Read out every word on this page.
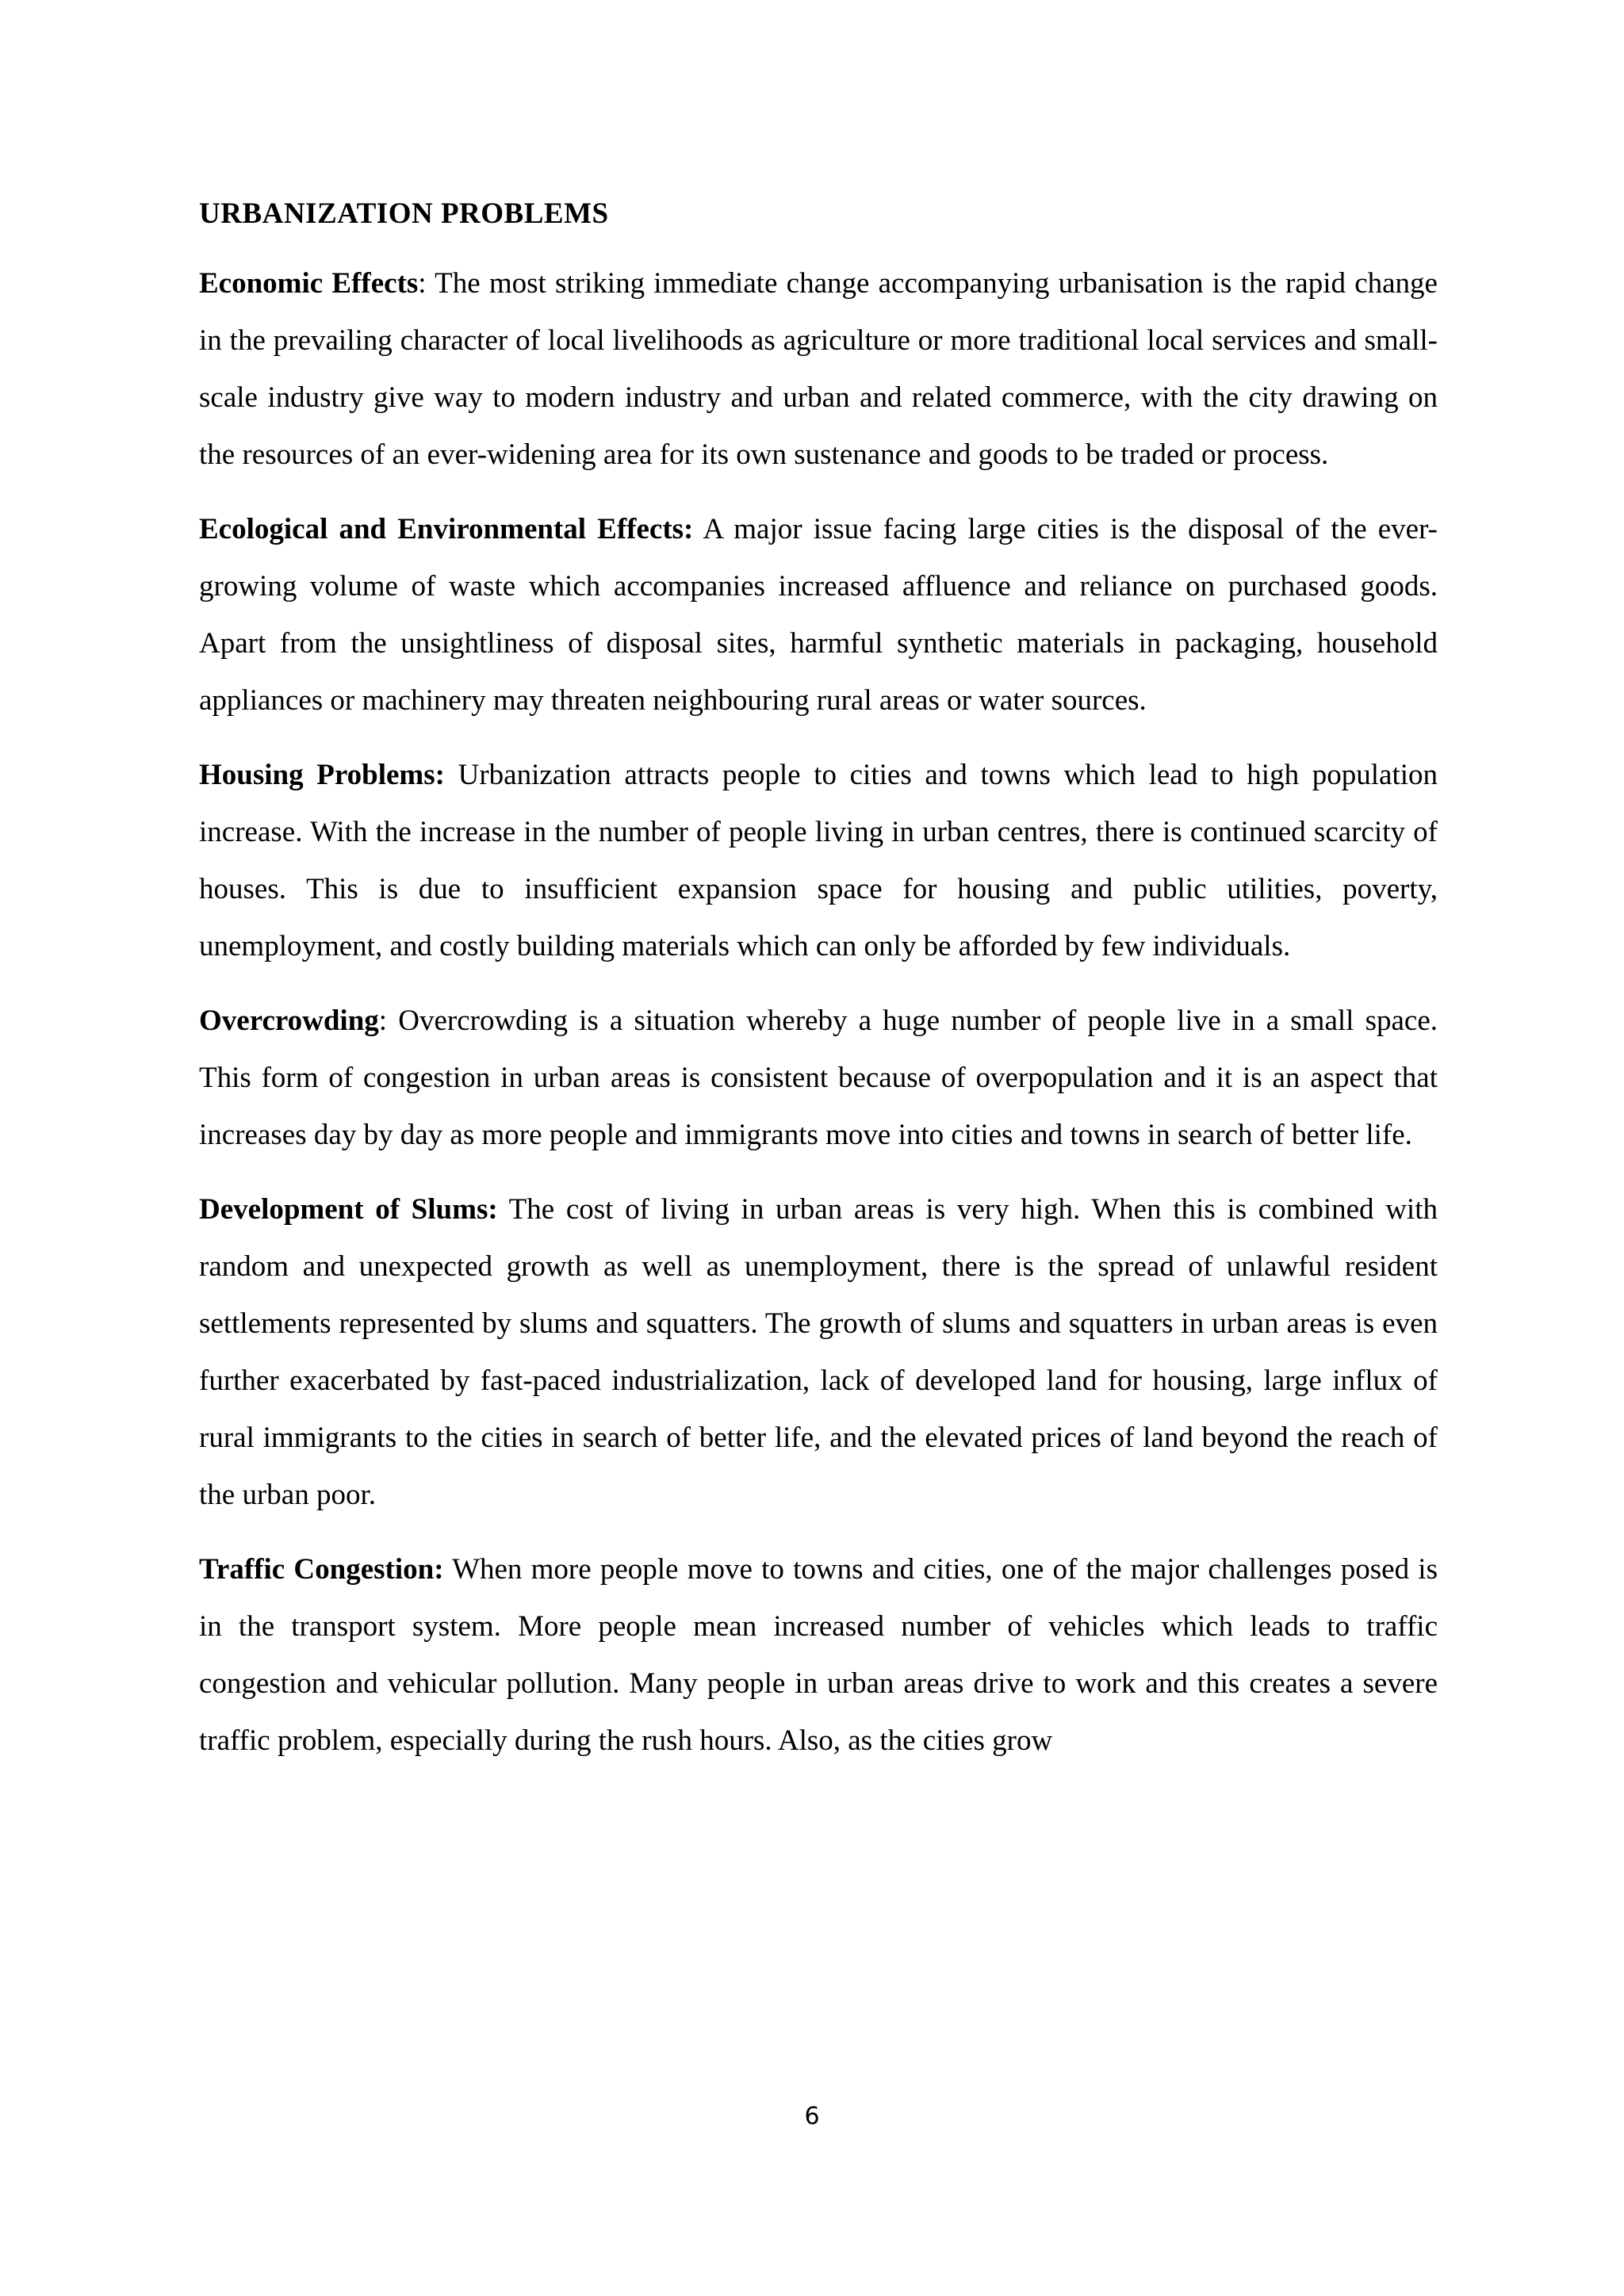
URBANIZATION PROBLEMS

Economic Effects: The most striking immediate change accompanying urbanisation is the rapid change in the prevailing character of local livelihoods as agriculture or more traditional local services and small-scale industry give way to modern industry and urban and related commerce, with the city drawing on the resources of an ever-widening area for its own sustenance and goods to be traded or process.

Ecological and Environmental Effects: A major issue facing large cities is the disposal of the ever-growing volume of waste which accompanies increased affluence and reliance on purchased goods. Apart from the unsightliness of disposal sites, harmful synthetic materials in packaging, household appliances or machinery may threaten neighbouring rural areas or water sources.

Housing Problems: Urbanization attracts people to cities and towns which lead to high population increase. With the increase in the number of people living in urban centres, there is continued scarcity of houses. This is due to insufficient expansion space for housing and public utilities, poverty, unemployment, and costly building materials which can only be afforded by few individuals.

Overcrowding: Overcrowding is a situation whereby a huge number of people live in a small space. This form of congestion in urban areas is consistent because of overpopulation and it is an aspect that increases day by day as more people and immigrants move into cities and towns in search of better life.

Development of Slums: The cost of living in urban areas is very high. When this is combined with random and unexpected growth as well as unemployment, there is the spread of unlawful resident settlements represented by slums and squatters. The growth of slums and squatters in urban areas is even further exacerbated by fast-paced industrialization, lack of developed land for housing, large influx of rural immigrants to the cities in search of better life, and the elevated prices of land beyond the reach of the urban poor.

Traffic Congestion: When more people move to towns and cities, one of the major challenges posed is in the transport system. More people mean increased number of vehicles which leads to traffic congestion and vehicular pollution. Many people in urban areas drive to work and this creates a severe traffic problem, especially during the rush hours. Also, as the cities grow

6
